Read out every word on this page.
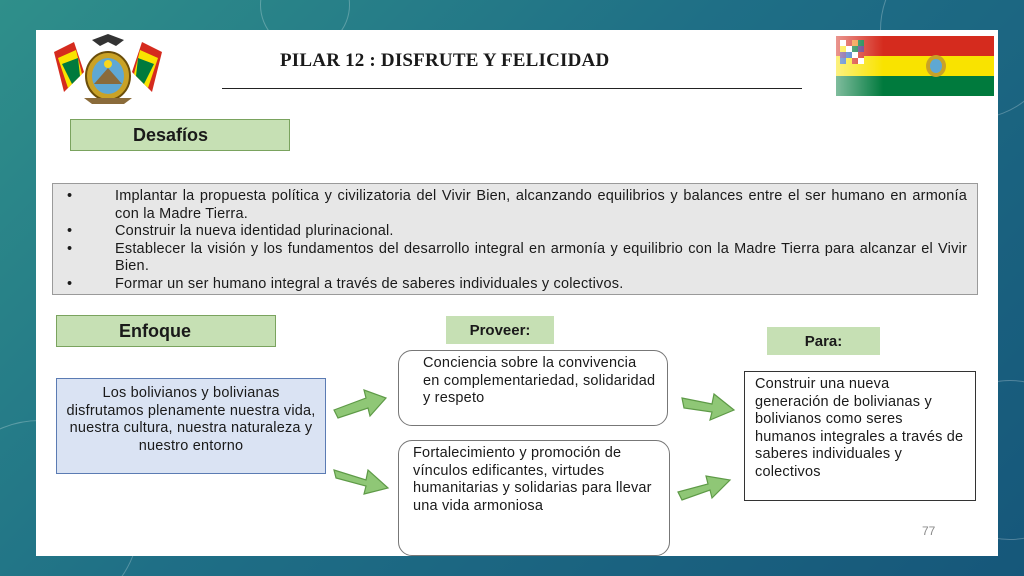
PILAR 12 : DISFRUTE Y FELICIDAD
Desafíos
• Implantar la propuesta política y civilizatoria del Vivir Bien, alcanzando equilibrios y balances entre el ser humano en armonía con la Madre Tierra.
• Construir la nueva identidad plurinacional.
• Establecer la visión y los fundamentos del desarrollo integral en armonía y equilibrio con la Madre Tierra para alcanzar el Vivir Bien.
• Formar un ser humano integral a través de saberes individuales y colectivos.
Enfoque	Proveer:
Para:
Los bolivianos y bolivianas disfrutamos plenamente nuestra vida, nuestra cultura, nuestra naturaleza y nuestro entorno
Conciencia sobre la convivencia en complementariedad, solidaridad y respeto
Fortalecimiento y promoción de vínculos edificantes, virtudes humanitarias y solidarias para llevar una vida armoniosa
Construir una nueva generación de bolivianas y bolivianos como seres humanos integrales a través de saberes individuales y colectivos
77
